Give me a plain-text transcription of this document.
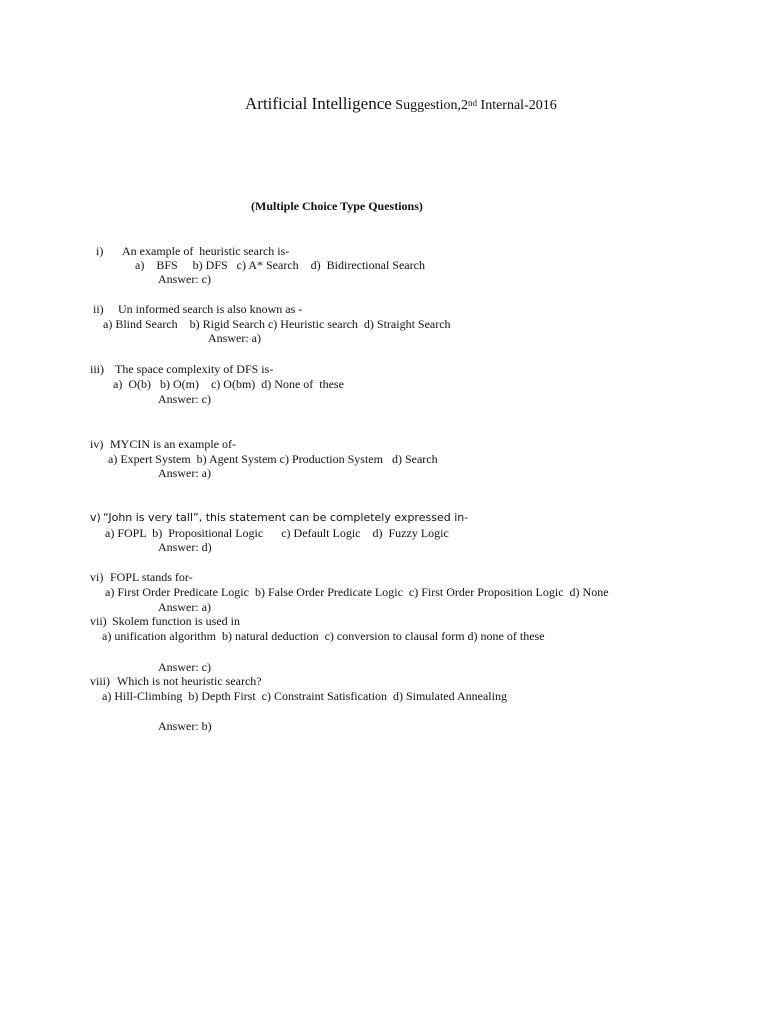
Artificial Intelligence Suggestion,2nd Internal-2016
(Multiple Choice Type Questions)
i) An example of  heuristic search is-
a)    BFS     b) DFS   c) A* Search    d)  Bidirectional Search
Answer: c)
ii) Un informed search is also known as -
a) Blind Search    b) Rigid Search c) Heuristic search  d) Straight Search
Answer: a)
iii) The space complexity of DFS is-
a)  O(b)   b) O(m)    c) O(bm)  d) None of  these
Answer: c)
iv) MYCIN is an example of-
a) Expert System  b) Agent System c) Production System   d) Search
Answer: a)
v) “John is very tall”, this statement can be completely expressed in-
a) FOPL  b)  Propositional Logic      c) Default Logic    d)  Fuzzy Logic
Answer: d)
vi) FOPL stands for-
a) First Order Predicate Logic  b) False Order Predicate Logic  c) First Order Proposition Logic  d) None
Answer: a)
vii) Skolem function is used in
a) unification algorithm  b) natural deduction  c) conversion to clausal form d) none of these
Answer: c)
viii) Which is not heuristic search?
a) Hill-Climbing  b) Depth First  c) Constraint Satisfication  d) Simulated Annealing
Answer: b)
